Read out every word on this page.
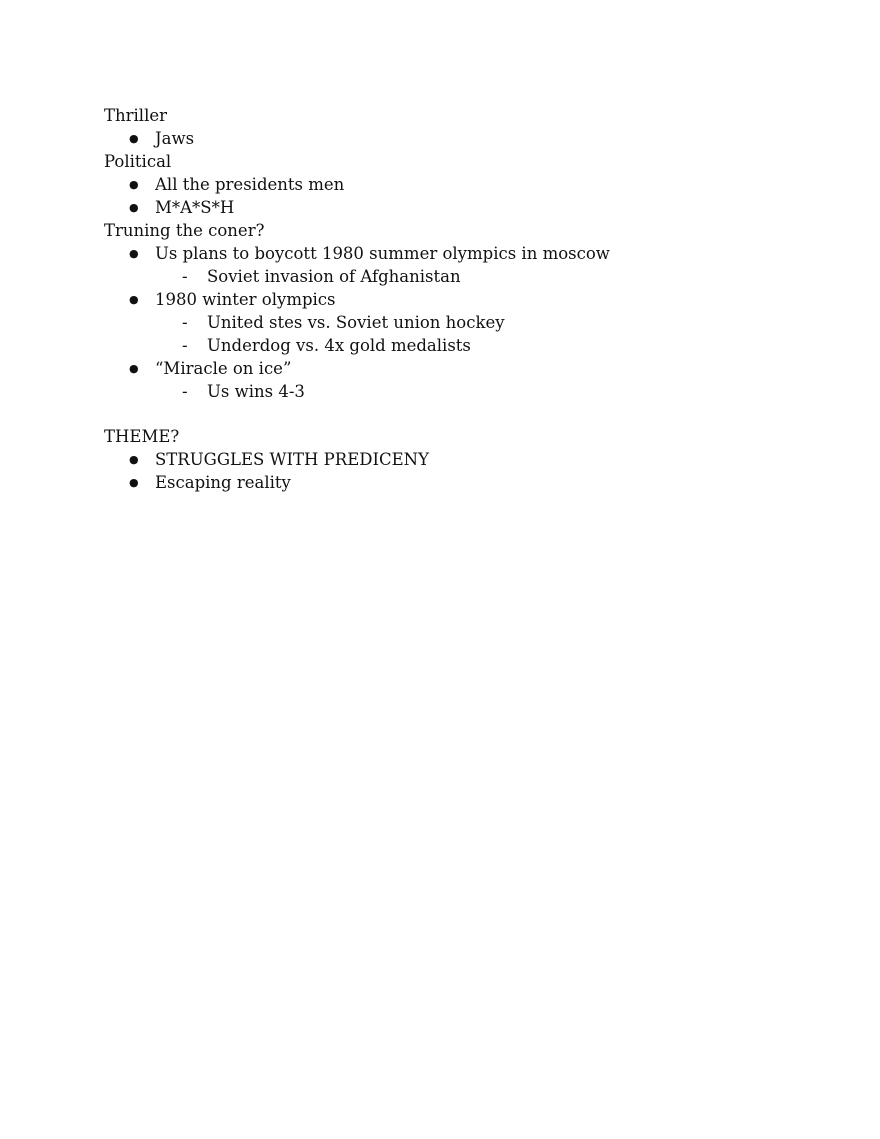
Thriller
● Jaws
Political
● All the presidents men
● M*A*S*H
Truning the coner?
● Us plans to boycott 1980 summer olympics in moscow
- Soviet invasion of Afghanistan
● 1980 winter olympics
- United stes vs. Soviet union hockey
- Underdog vs. 4x gold medalists
● “Miracle on ice”
- Us wins 4-3
THEME?
● STRUGGLES WITH PREDICENY
● Escaping reality
